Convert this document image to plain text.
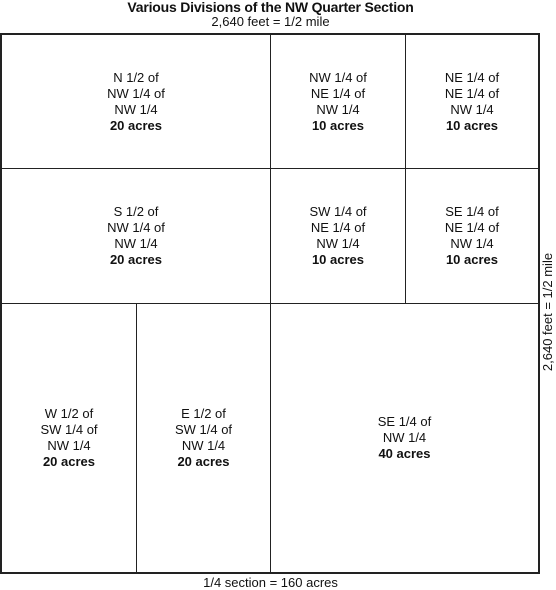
Various Divisions of the NW Quarter Section
2,640 feet = 1/2 mile
N 1/2 of
NW 1/4 of
NW 1/4
20 acres
NW 1/4 of
NE 1/4 of
NW 1/4
10 acres
NE 1/4 of
NE 1/4 of
NW 1/4
10 acres
S 1/2 of
NW 1/4 of
NW 1/4
20 acres
SW 1/4 of
NE 1/4 of
NW 1/4
10 acres
SE 1/4 of
NE 1/4 of
NW 1/4
10 acres
W 1/2 of
SW 1/4 of
NW 1/4
20 acres
E 1/2 of
SW 1/4 of
NW 1/4
20 acres
SE 1/4 of
NW 1/4
40 acres
2,640 feet = 1/2 mile
1/4 section = 160 acres
